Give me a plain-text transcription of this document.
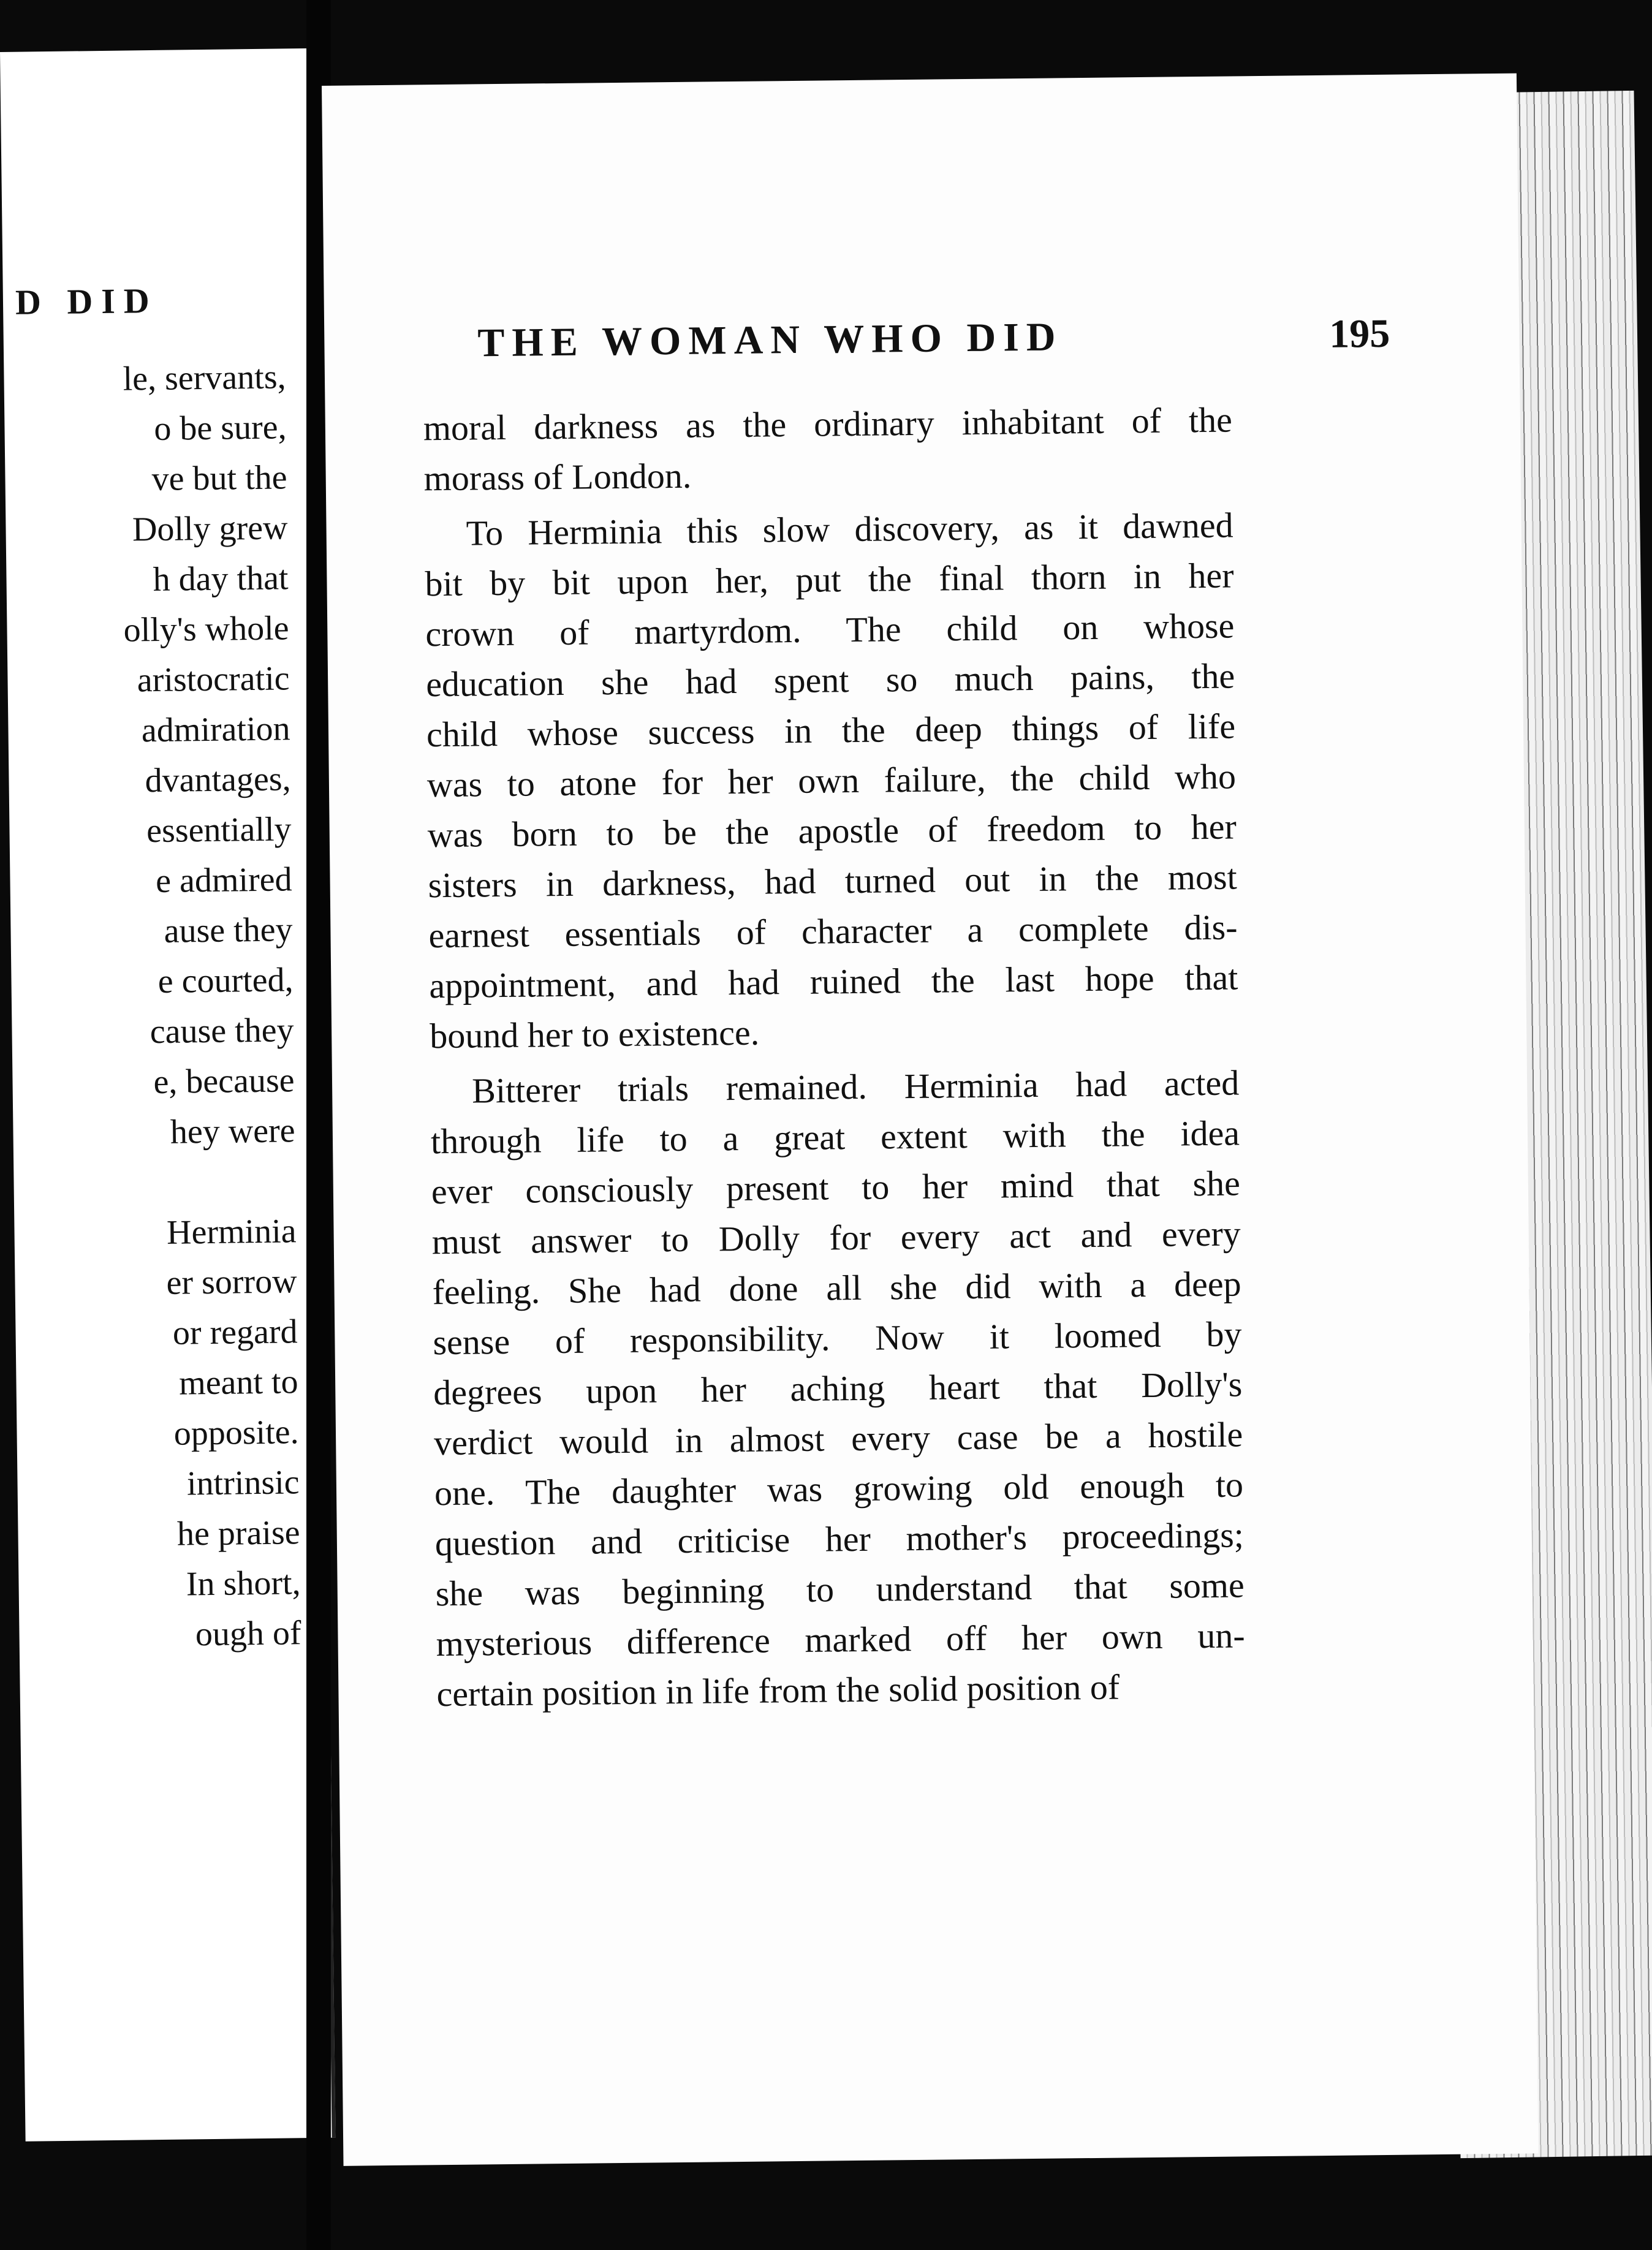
D DID
le, servants,
o be sure,
ve but the
Dolly grew
h day that
olly's whole
aristocratic
admiration
dvantages,
essentially
e admired
ause they
e courted,
cause they
e, because
hey were
Herminia
er sorrow
or regard
meant to
opposite.
intrinsic
he praise
In short,
ough of
THE WOMAN WHO DID	195
moral darkness as the ordinary inhabitant of the
morass of London.
To Herminia this slow discovery, as it dawned
bit by bit upon her, put the final thorn in her
crown of martyrdom. The child on whose
education she had spent so much pains, the
child whose success in the deep things of life
was to atone for her own failure, the child who
was born to be the apostle of freedom to her
sisters in darkness, had turned out in the most
earnest essentials of character a complete dis-
appointment, and had ruined the last hope that
bound her to existence.
Bitterer trials remained. Herminia had acted
through life to a great extent with the idea
ever consciously present to her mind that she
must answer to Dolly for every act and every
feeling. She had done all she did with a deep
sense of responsibility. Now it loomed by
degrees upon her aching heart that Dolly's
verdict would in almost every case be a hostile
one. The daughter was growing old enough to
question and criticise her mother's proceedings;
she was beginning to understand that some
mysterious difference marked off her own un-
certain position in life from the solid position of
